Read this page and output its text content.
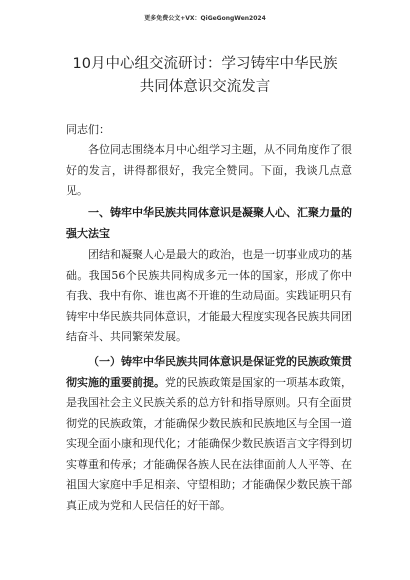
更多免费公文+VX：QiGeGongWen2024
10月中心组交流研讨：学习铸牢中华民族
共同体意识交流发言

同志们：

各位同志围绕本月中心组学习主题，从不同角度作了很好的发言，讲得都很好，我完全赞同。下面，我谈几点意见。

一、铸牢中华民族共同体意识是凝聚人心、汇聚力量的强大法宝

团结和凝聚人心是最大的政治，也是一切事业成功的基础。我国56个民族共同构成多元一体的国家，形成了你中有我、我中有你、谁也离不开谁的生动局面。实践证明只有铸牢中华民族共同体意识，才能最大程度实现各民族共同团结奋斗、共同繁荣发展。

（一）铸牢中华民族共同体意识是保证党的民族政策贯彻实施的重要前提。党的民族政策是国家的一项基本政策，是我国社会主义民族关系的总方针和指导原则。只有全面贯彻党的民族政策，才能确保少数民族和民族地区与全国一道实现全面小康和现代化；才能确保少数民族语言文字得到切实尊重和传承；才能确保各族人民在法律面前人人平等、在祖国大家庭中手足相亲、守望相助；才能确保少数民族干部真正成为党和人民信任的好干部。
